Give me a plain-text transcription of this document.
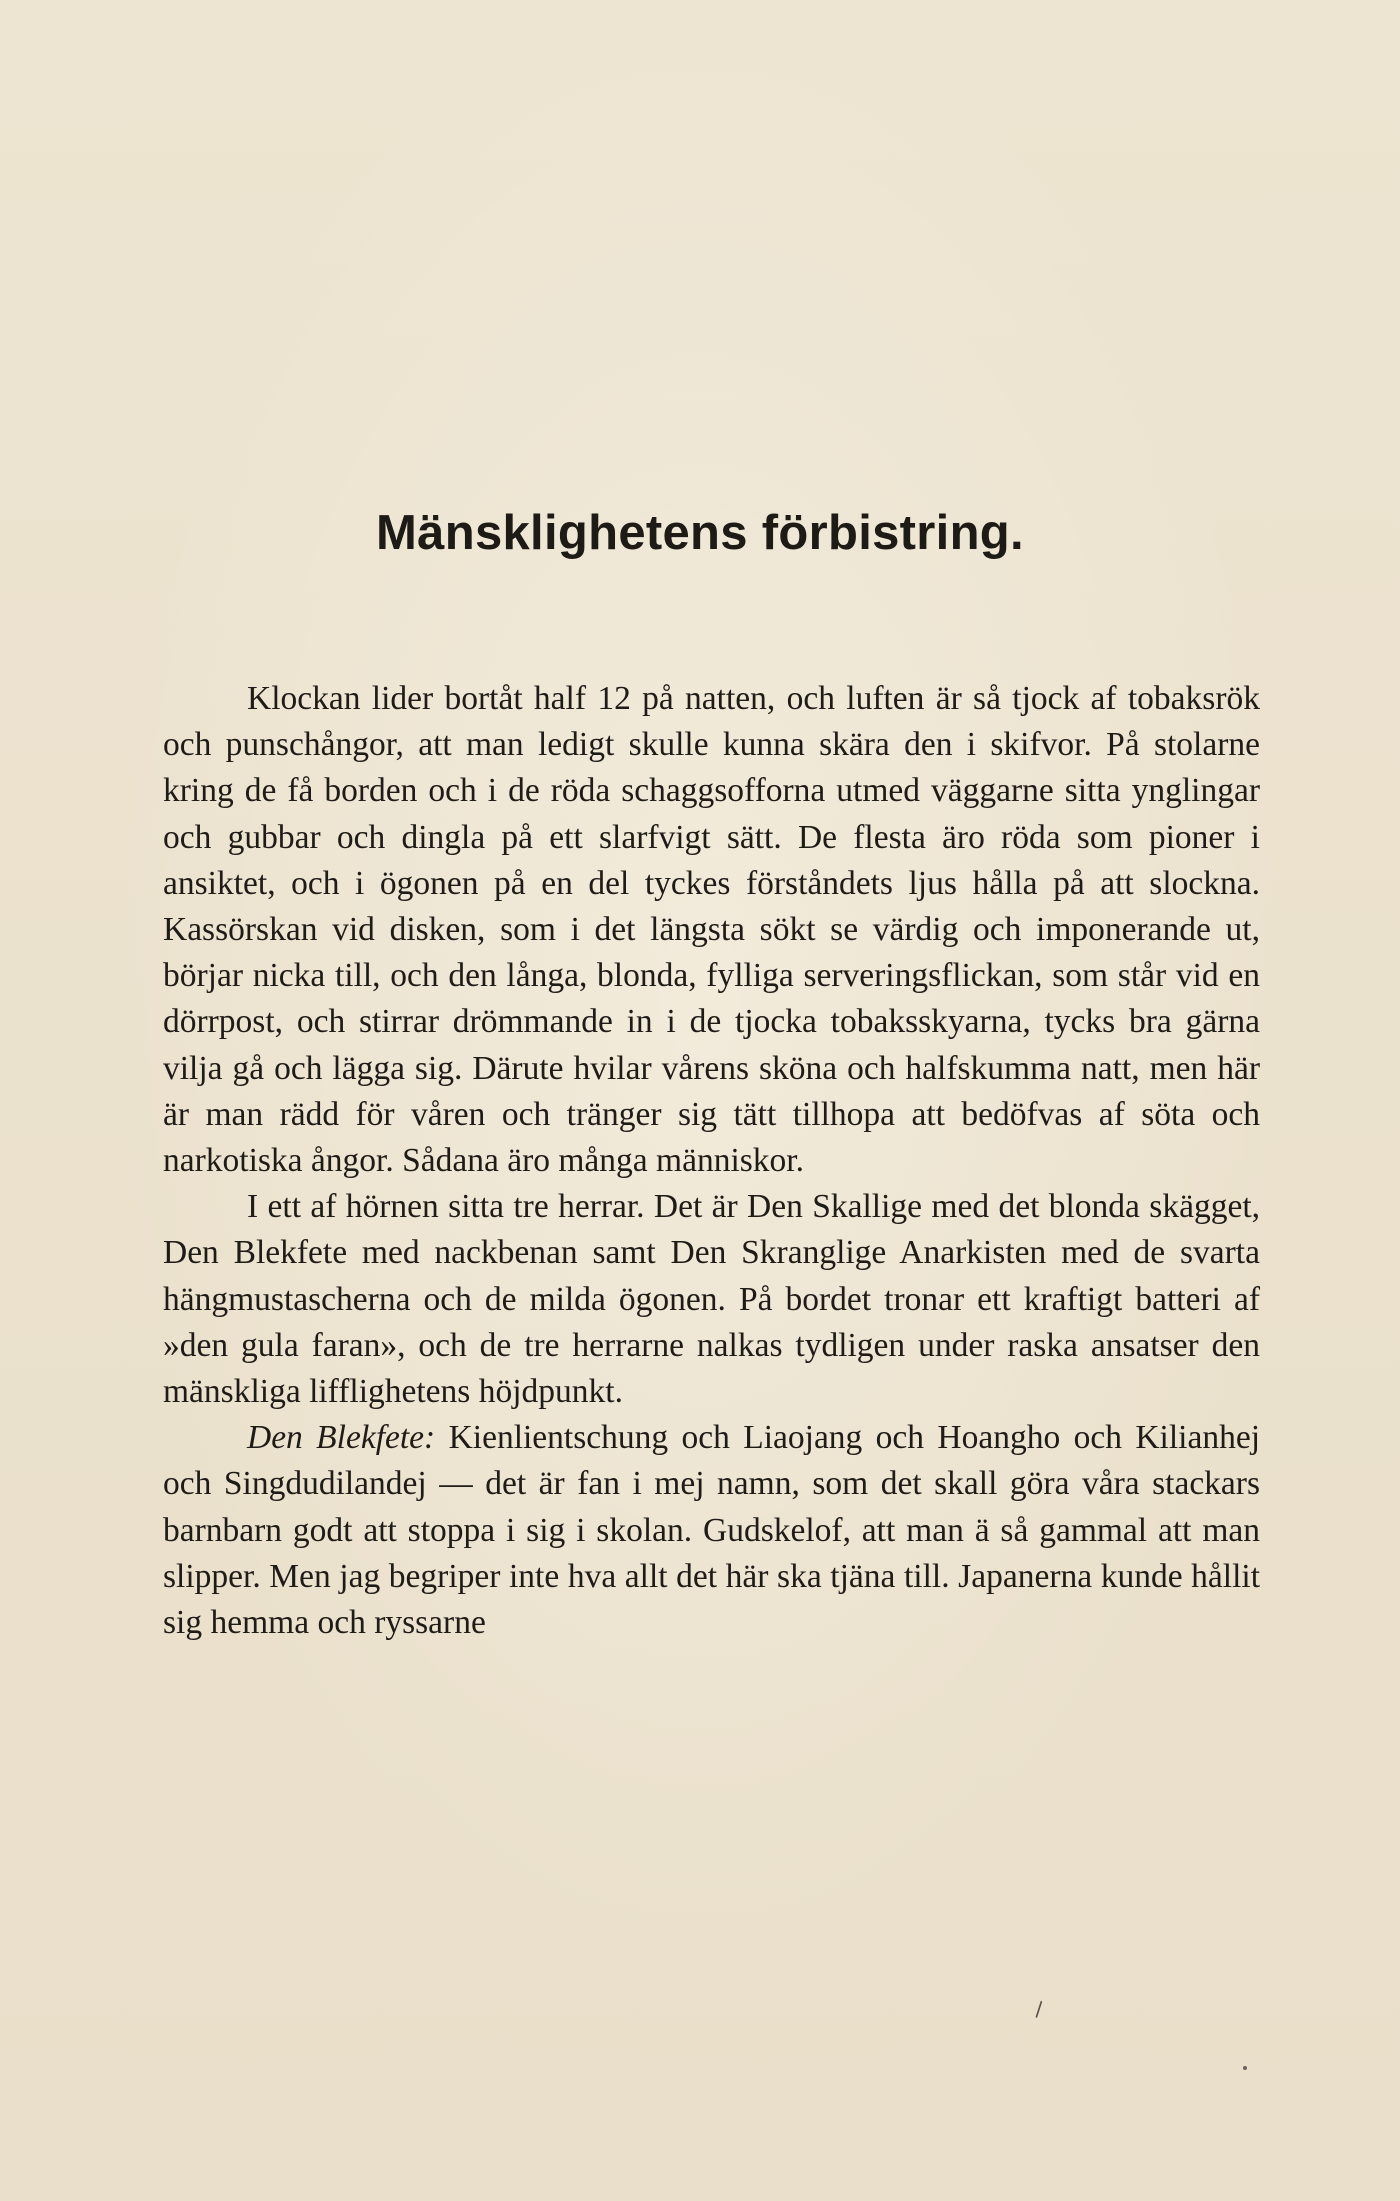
Mänsklighetens förbistring.

Klockan lider bortåt half 12 på natten, och luften är så tjock af tobaksrök och punschångor, att man ledigt skulle kunna skära den i skifvor. På stolarne kring de få borden och i de röda schaggsofforna utmed väggarne sitta ynglingar och gubbar och dingla på ett slarfvigt sätt. De flesta äro röda som pioner i ansiktet, och i ögonen på en del tyckes förståndets ljus hålla på att slockna. Kassörskan vid disken, som i det längsta sökt se värdig och imponerande ut, börjar nicka till, och den långa, blonda, fylliga serveringsflickan, som står vid en dörrpost, och stirrar drömmande in i de tjocka tobaksskyarna, tycks bra gärna vilja gå och lägga sig. Därute hvilar vårens sköna och halfskumma natt, men här är man rädd för våren och tränger sig tätt tillhopa att bedöfvas af söta och narkotiska ångor. Sådana äro många människor.

I ett af hörnen sitta tre herrar. Det är Den Skallige med det blonda skägget, Den Blekfete med nackbenan samt Den Skranglige Anarkisten med de svarta hängmustascherna och de milda ögonen. På bordet tronar ett kraftigt batteri af »den gula faran», och de tre herrarne nalkas tydligen under raska ansatser den mänskliga lifflighetens höjdpunkt.

Den Blekfete: Kienlientschung och Liaojang och Hoangho och Kilianhej och Singdudilandej — det är fan i mej namn, som det skall göra våra stackars barnbarn godt att stoppa i sig i skolan. Gudskelof, att man ä så gammal att man slipper. Men jag begriper inte hva allt det här ska tjäna till. Japanerna kunde hållit sig hemma och ryssarne

\
